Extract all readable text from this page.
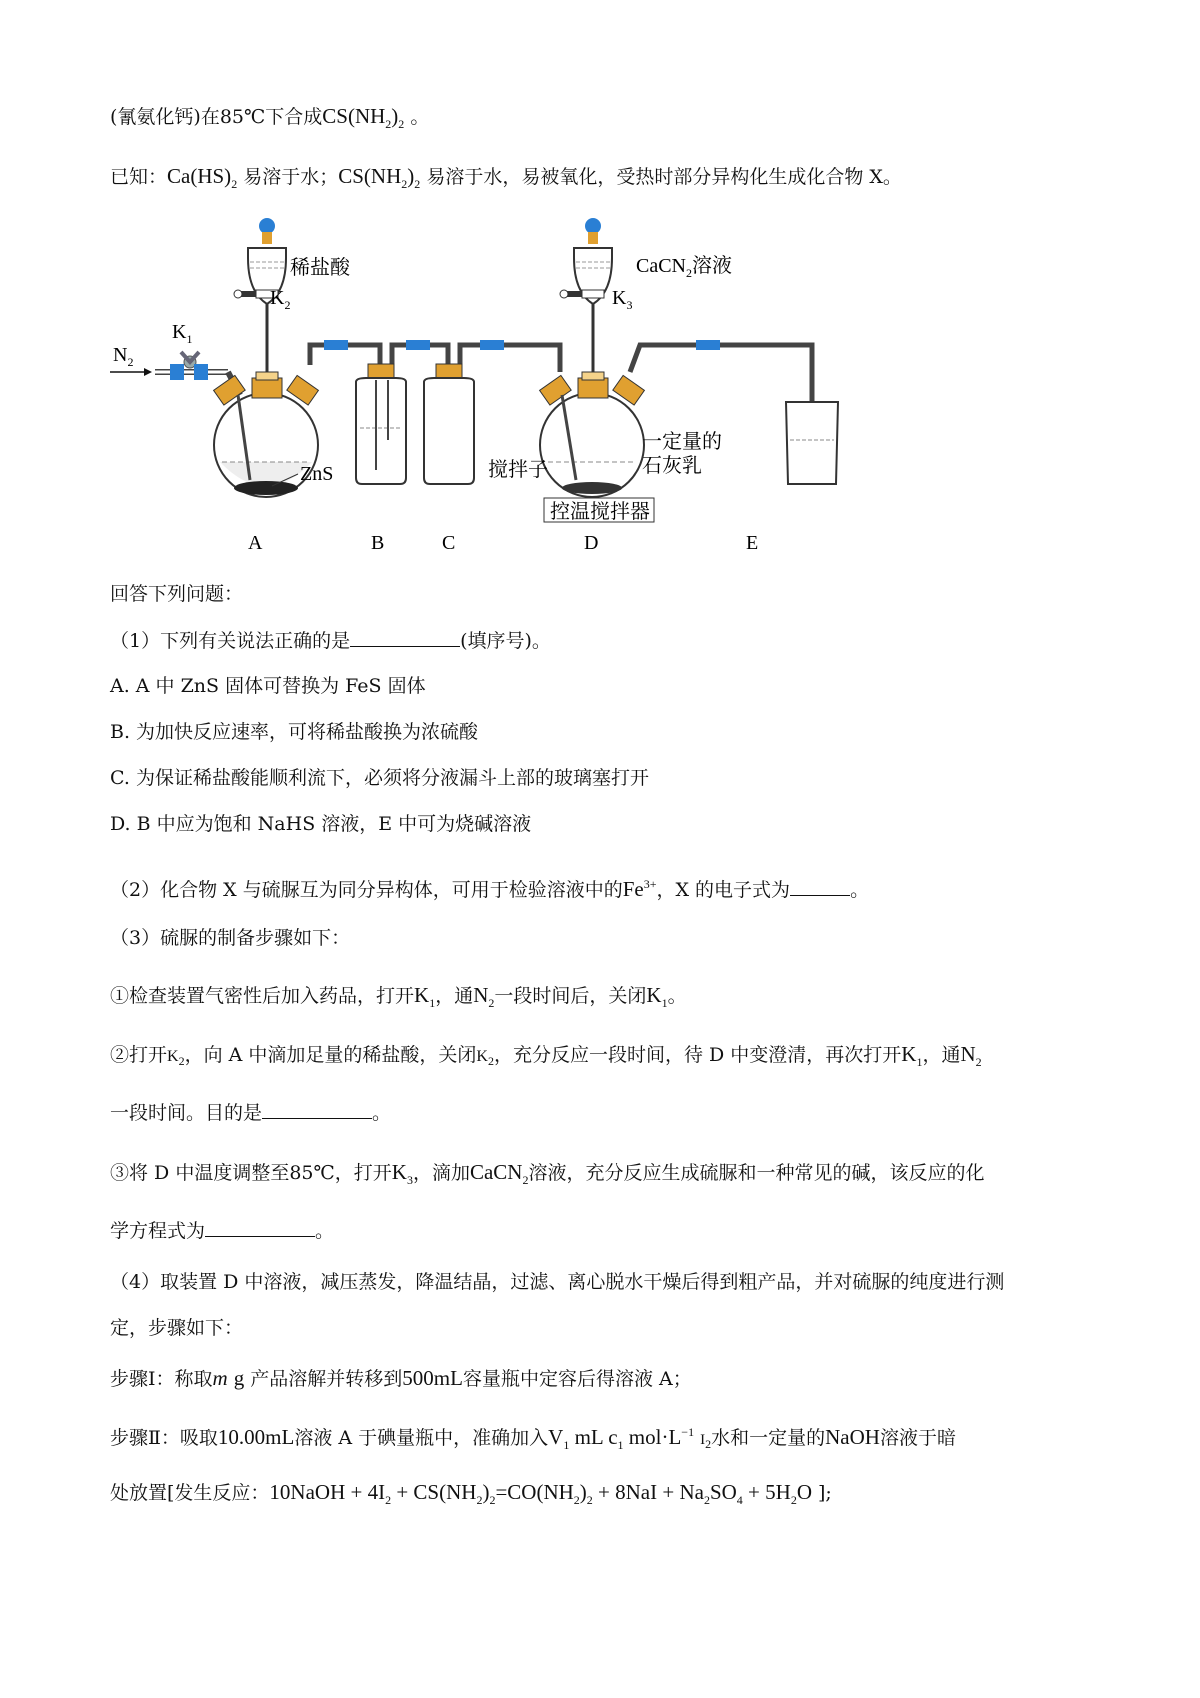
(氰氨化钙)在85℃下合成$CS(NH_2)_2$ 。
已知：$Ca(HS)_2$ 易溶于水；$CS(NH_2)_2$ 易溶于水，易被氧化，受热时部分异构化生成化合物 X。
$N_2$
$K_1$
ZnS
稀盐酸
$K_2$
控温搅拌器
搅拌子
一定量的
石灰乳
CaCN$_2$溶液
$K_3$
A	B	C	D	E
回答下列问题：
（1）下列有关说法正确的是	(填序号)。
A. A 中 ZnS 固体可替换为 FeS 固体
B. 为加快反应速率，可将稀盐酸换为浓硫酸
C. 为保证稀盐酸能顺利流下，必须将分液漏斗上部的玻璃塞打开
D. B 中应为饱和 NaHS 溶液，E 中可为烧碱溶液
（2）化合物 X 与硫脲互为同分异构体，可用于检验溶液中的$Fe^{3+}$，X 的电子式为	。
（3）硫脲的制备步骤如下：
①检查装置气密性后加入药品，打开$K_1$，通$N_2$一段时间后，关闭$K_1$。
②打开$K_2$，向 A 中滴加足量的稀盐酸，关闭$K_2$，充分反应一段时间，待 D 中变澄清，再次打开$K_1$，通$N_2$
一段时间。目的是	。
③将 D 中温度调整至85℃，打开$K_3$，滴加CaCN$_2$溶液，充分反应生成硫脲和一种常见的碱，该反应的化
学方程式为	。
（4）取装置 D 中溶液，减压蒸发，降温结晶，过滤、离心脱水干燥后得到粗产品，并对硫脲的纯度进行测
定，步骤如下：
步骤Ⅰ：称取m g 产品溶解并转移到500mL容量瓶中定容后得溶液 A；
步骤Ⅱ：吸取10.00mL溶液 A 于碘量瓶中，准确加入$V_1$ mL $c_1$ $mol\cdot L^{-1}$ $I_2$水和一定量的NaOH溶液于暗
处放置[发生反应：10NaOH + $4I_2 + CS(NH_2)_2=CO(NH_2)_2 + 8NaI + Na_2SO_4 + 5H_2O$ ];
